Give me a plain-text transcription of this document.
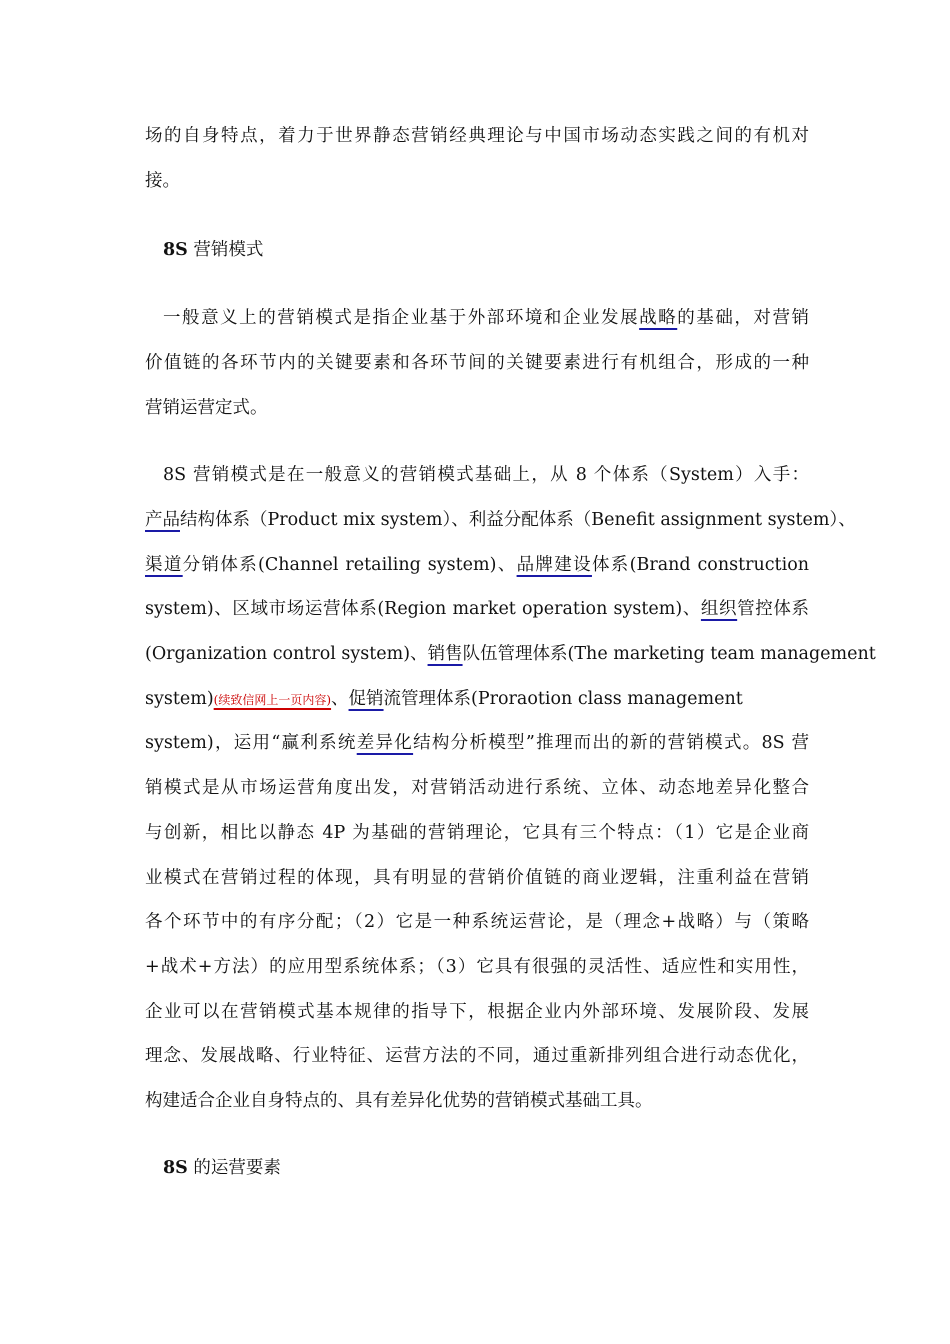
场的自身特点，着力于世界静态营销经典理论与中国市场动态实践之间的有机对
接。
8S 营销模式
一般意义上的营销模式是指企业基于外部环境和企业发展战略的基础，对营销
价值链的各环节内的关键要素和各环节间的关键要素进行有机组合，形成的一种
营销运营定式。
8S 营销模式是在一般意义的营销模式基础上，从 8 个体系（System）入手：
产品结构体系（Product mix system）、利益分配体系（Benefit assignment system）、
渠道分销体系(Channel retailing system)、品牌建设体系(Brand construction
system)、区域市场运营体系(Region market operation system)、组织管控体系
(Organization control system)、销售队伍管理体系(The marketing team management
system)(续致信网上一页内容)、促销流管理体系(Proraotion class management
system)，运用“赢利系统差异化结构分析模型”推理而出的新的营销模式。8S 营
销模式是从市场运营角度出发，对营销活动进行系统、立体、动态地差异化整合
与创新，相比以静态 4P 为基础的营销理论，它具有三个特点：（1）它是企业商
业模式在营销过程的体现，具有明显的营销价值链的商业逻辑，注重利益在营销
各个环节中的有序分配；（2）它是一种系统运营论，是（理念+战略）与（策略
+战术+方法）的应用型系统体系；（3）它具有很强的灵活性、适应性和实用性，
企业可以在营销模式基本规律的指导下，根据企业内外部环境、发展阶段、发展
理念、发展战略、行业特征、运营方法的不同，通过重新排列组合进行动态优化，
构建适合企业自身特点的、具有差异化优势的营销模式基础工具。
8S 的运营要素
